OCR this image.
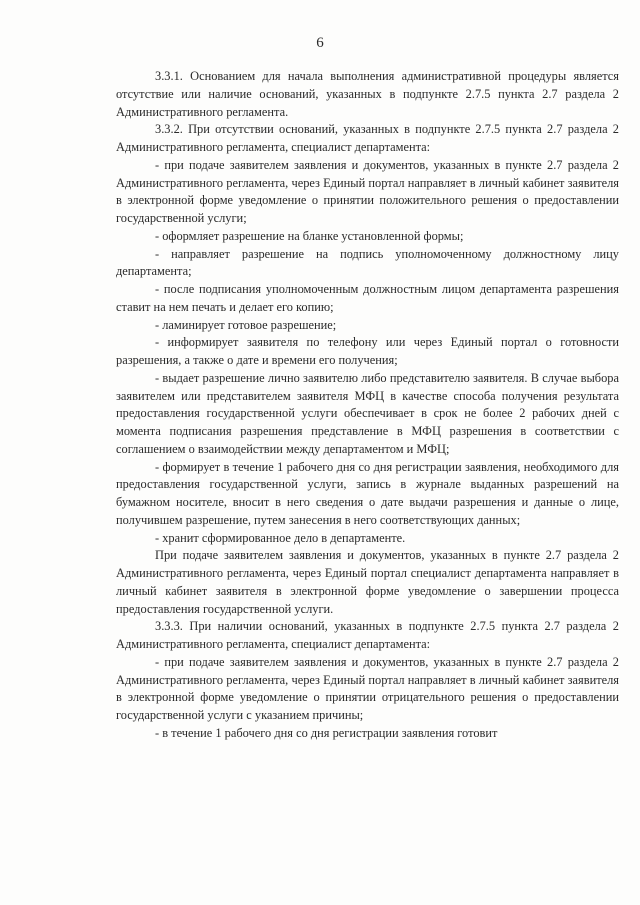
6

3.3.1. Основанием для начала выполнения административной процедуры является отсутствие или наличие оснований, указанных в подпункте 2.7.5 пункта 2.7 раздела 2 Административного регламента.

3.3.2. При отсутствии оснований, указанных в подпункте 2.7.5 пункта 2.7 раздела 2 Административного регламента, специалист департамента:

- при подаче заявителем заявления и документов, указанных в пункте 2.7 раздела 2 Административного регламента, через Единый портал направляет в личный кабинет заявителя в электронной форме уведомление о принятии положительного решения о предоставлении государственной услуги;

- оформляет разрешение на бланке установленной формы;

- направляет разрешение на подпись уполномоченному должностному лицу департамента;

- после подписания уполномоченным должностным лицом департамента разрешения ставит на нем печать и делает его копию;

- ламинирует готовое разрешение;

- информирует заявителя по телефону или через Единый портал о готовности разрешения, а также о дате и времени его получения;

- выдает разрешение лично заявителю либо представителю заявителя. В случае выбора заявителем или представителем заявителя МФЦ в качестве способа получения результата предоставления государственной услуги обеспечивает в срок не более 2 рабочих дней с момента подписания разрешения представление в МФЦ разрешения в соответствии с соглашением о взаимодействии между департаментом и МФЦ;

- формирует в течение 1 рабочего дня со дня регистрации заявления, необходимого для предоставления государственной услуги, запись в журнале выданных разрешений на бумажном носителе, вносит в него сведения о дате выдачи разрешения и данные о лице, получившем разрешение, путем занесения в него соответствующих данных;

- хранит сформированное дело в департаменте.

При подаче заявителем заявления и документов, указанных в пункте 2.7 раздела 2 Административного регламента, через Единый портал специалист департамента направляет в личный кабинет заявителя в электронной форме уведомление о завершении процесса предоставления государственной услуги.

3.3.3. При наличии оснований, указанных в подпункте 2.7.5 пункта 2.7 раздела 2 Административного регламента, специалист департамента:

- при подаче заявителем заявления и документов, указанных в пункте 2.7 раздела 2 Административного регламента, через Единый портал направляет в личный кабинет заявителя в электронной форме уведомление о принятии отрицательного решения о предоставлении государственной услуги с указанием причины;

- в течение 1 рабочего дня со дня регистрации заявления готовит
